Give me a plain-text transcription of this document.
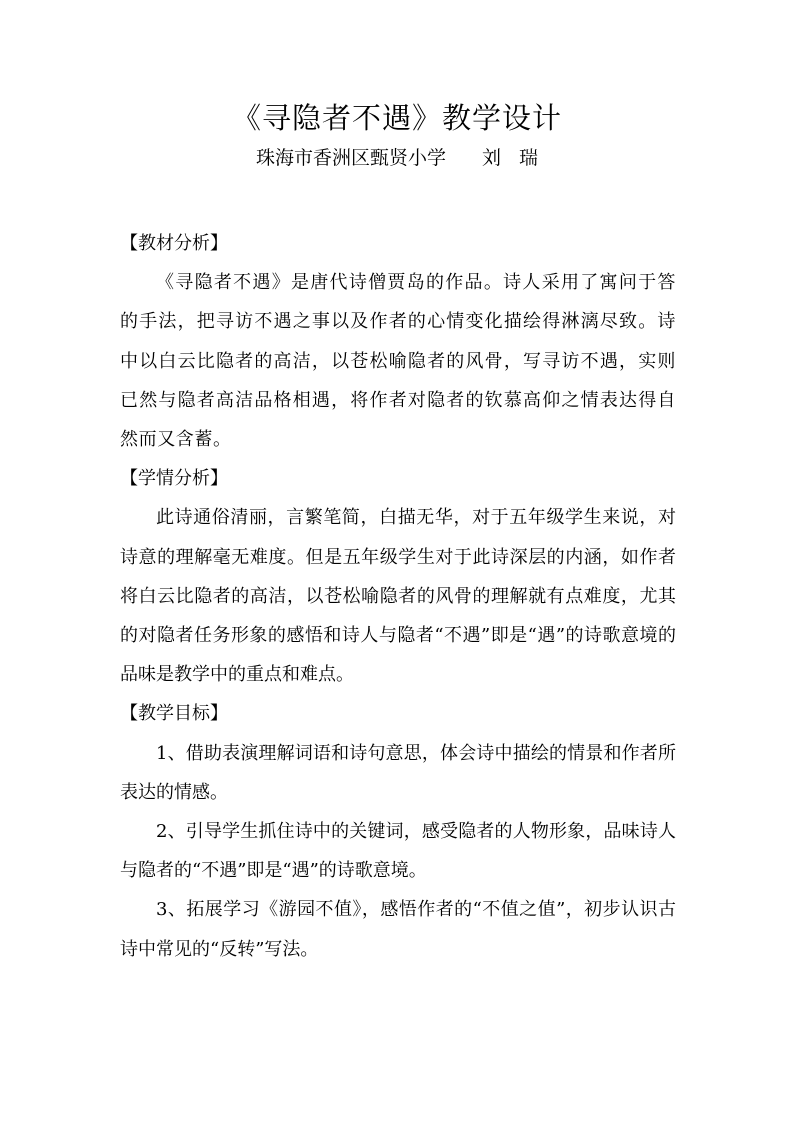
《寻隐者不遇》教学设计
珠海市香洲区甄贤小学 刘 瑞
【教材分析】
《寻隐者不遇》是唐代诗僧贾岛的作品。诗人采用了寓问于答的手法，把寻访不遇之事以及作者的心情变化描绘得淋漓尽致。诗中以白云比隐者的高洁，以苍松喻隐者的风骨，写寻访不遇，实则已然与隐者高洁品格相遇，将作者对隐者的钦慕高仰之情表达得自然而又含蓄。
【学情分析】
此诗通俗清丽，言繁笔简，白描无华，对于五年级学生来说，对诗意的理解毫无难度。但是五年级学生对于此诗深层的内涵，如作者将白云比隐者的高洁，以苍松喻隐者的风骨的理解就有点难度，尤其的对隐者任务形象的感悟和诗人与隐者“不遇”即是“遇”的诗歌意境的品味是教学中的重点和难点。
【教学目标】
1、借助表演理解词语和诗句意思，体会诗中描绘的情景和作者所表达的情感。
2、引导学生抓住诗中的关键词，感受隐者的人物形象，品味诗人与隐者的“不遇”即是“遇”的诗歌意境。
3、拓展学习《游园不值》，感悟作者的“不值之值”，初步认识古诗中常见的“反转”写法。
